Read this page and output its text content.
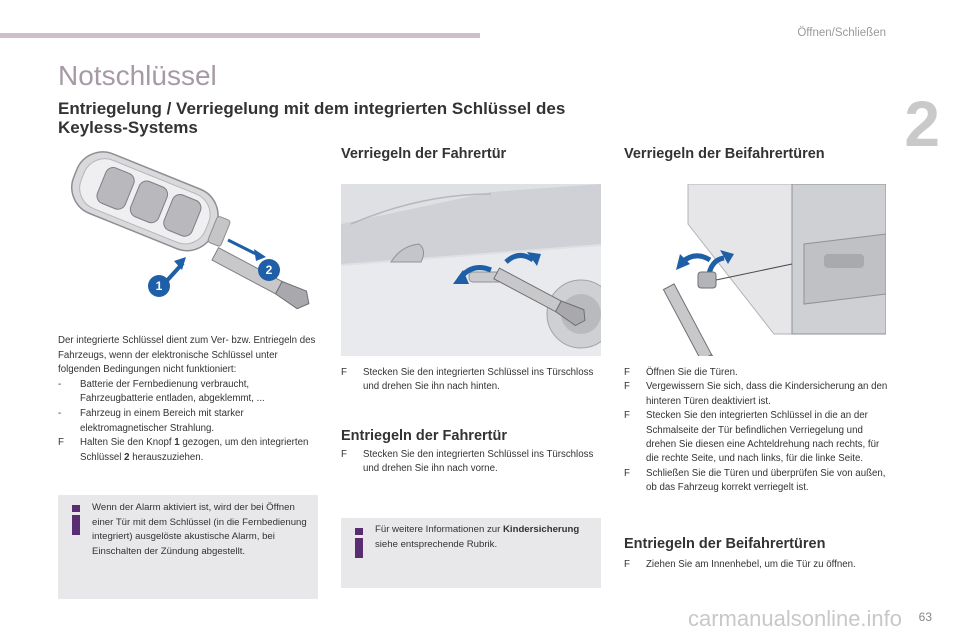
Öffnen/Schließen
2
Notschlüssel
Entriegelung / Verriegelung mit dem integrierten Schlüssel des Keyless-Systems
1
2

Der integrierte Schlüssel dient zum Ver- bzw. Entriegeln des Fahrzeugs, wenn der elektronische Schlüssel unter folgenden Bedingungen nicht funktioniert:

- Batterie der Fernbedienung verbraucht, Fahrzeugbatterie entladen, abgeklemmt, ...

- Fahrzeug in einem Bereich mit starker elektromagnetischer Strahlung.

F Halten Sie den Knopf 1 gezogen, um den integrierten Schlüssel 2 herauszuziehen.

Wenn der Alarm aktiviert ist, wird der bei Öffnen einer Tür mit dem Schlüssel (in die Fernbedienung integriert) ausgelöste akustische Alarm, bei Einschalten der Zündung abgestellt.
Verriegeln der Fahrertür
F Stecken Sie den integrierten Schlüssel ins Türschloss und drehen Sie ihn nach hinten.
Entriegeln der Fahrertür
F Stecken Sie den integrierten Schlüssel ins Türschloss und drehen Sie ihn nach vorne.
Für weitere Informationen zur Kindersicherung siehe entsprechende Rubrik.
Verriegeln der Beifahrertüren
F Öffnen Sie die Türen.
F Vergewissern Sie sich, dass die Kindersicherung an den hinteren Türen deaktiviert ist.
F Stecken Sie den integrierten Schlüssel in die an der Schmalseite der Tür befindlichen Verriegelung und drehen Sie diesen eine Achteldrehung nach rechts, für die rechte Seite, und nach links, für die linke Seite.
F Schließen Sie die Türen und überprüfen Sie von außen, ob das Fahrzeug korrekt verriegelt ist.
Entriegeln der Beifahrertüren
F Ziehen Sie am Innenhebel, um die Tür zu öffnen.
carmanualsonline.info 63
